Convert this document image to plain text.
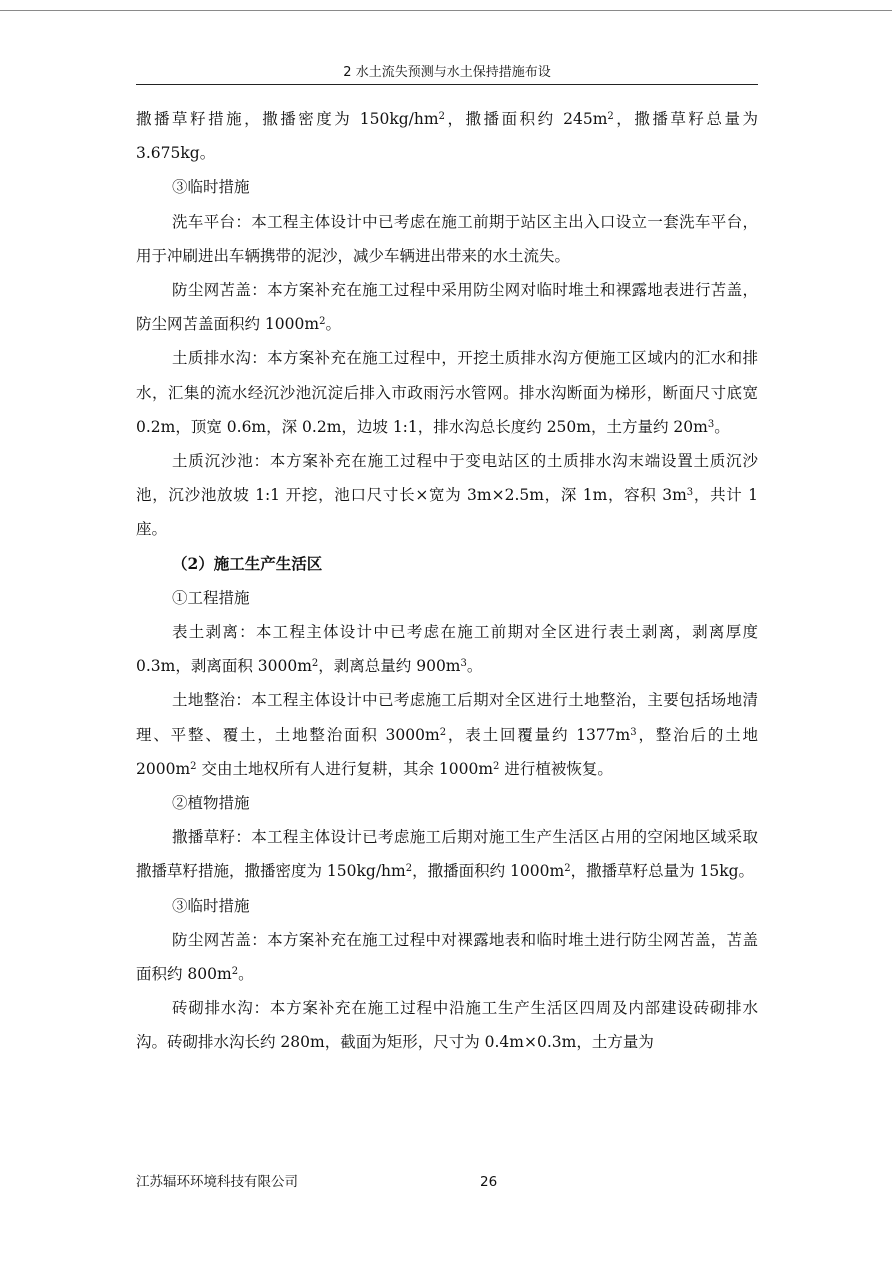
2 水土流失预测与水土保持措施布设

撒播草籽措施，撒播密度为 $150kg/hm^2$，撒播面积约 $245m^2$，撒播草籽总量为 3.675kg。

③临时措施

洗车平台：本工程主体设计中已考虑在施工前期于站区主出入口设立一套洗车平台，用于冲刷进出车辆携带的泥沙，减少车辆进出带来的水土流失。

防尘网苫盖：本方案补充在施工过程中采用防尘网对临时堆土和裸露地表进行苫盖，防尘网苫盖面积约 $1000m^2$。

土质排水沟：本方案补充在施工过程中，开挖土质排水沟方便施工区域内的汇水和排水，汇集的流水经沉沙池沉淀后排入市政雨污水管网。排水沟断面为梯形，断面尺寸底宽 0.2m，顶宽 0.6m，深 0.2m，边坡 1:1，排水沟总长度约 250m，土方量约 $20m^3$。

土质沉沙池：本方案补充在施工过程中于变电站区的土质排水沟末端设置土质沉沙池，沉沙池放坡 1:1 开挖，池口尺寸长×宽为 3m×2.5m，深 1m，容积 $3m^3$，共计 1 座。

（2）施工生产生活区

①工程措施

表土剥离：本工程主体设计中已考虑在施工前期对全区进行表土剥离，剥离厚度 0.3m，剥离面积 $3000m^2$，剥离总量约 $900m^3$。

土地整治：本工程主体设计中已考虑施工后期对全区进行土地整治，主要包括场地清理、平整、覆土，土地整治面积 $3000m^2$，表土回覆量约 $1377m^3$，整治后的土地 $2000m^2$ 交由土地权所有人进行复耕，其余 $1000m^2$ 进行植被恢复。

②植物措施

撒播草籽：本工程主体设计已考虑施工后期对施工生产生活区占用的空闲地区域采取撒播草籽措施，撒播密度为 $150kg/hm^2$，撒播面积约 $1000m^2$，撒播草籽总量为 15kg。

③临时措施

防尘网苫盖：本方案补充在施工过程中对裸露地表和临时堆土进行防尘网苫盖，苫盖面积约 $800m^2$。

砖砌排水沟：本方案补充在施工过程中沿施工生产生活区四周及内部建设砖砌排水沟。砖砌排水沟长约 280m，截面为矩形，尺寸为 0.4m×0.3m，土方量为

江苏辐环环境科技有限公司	26
